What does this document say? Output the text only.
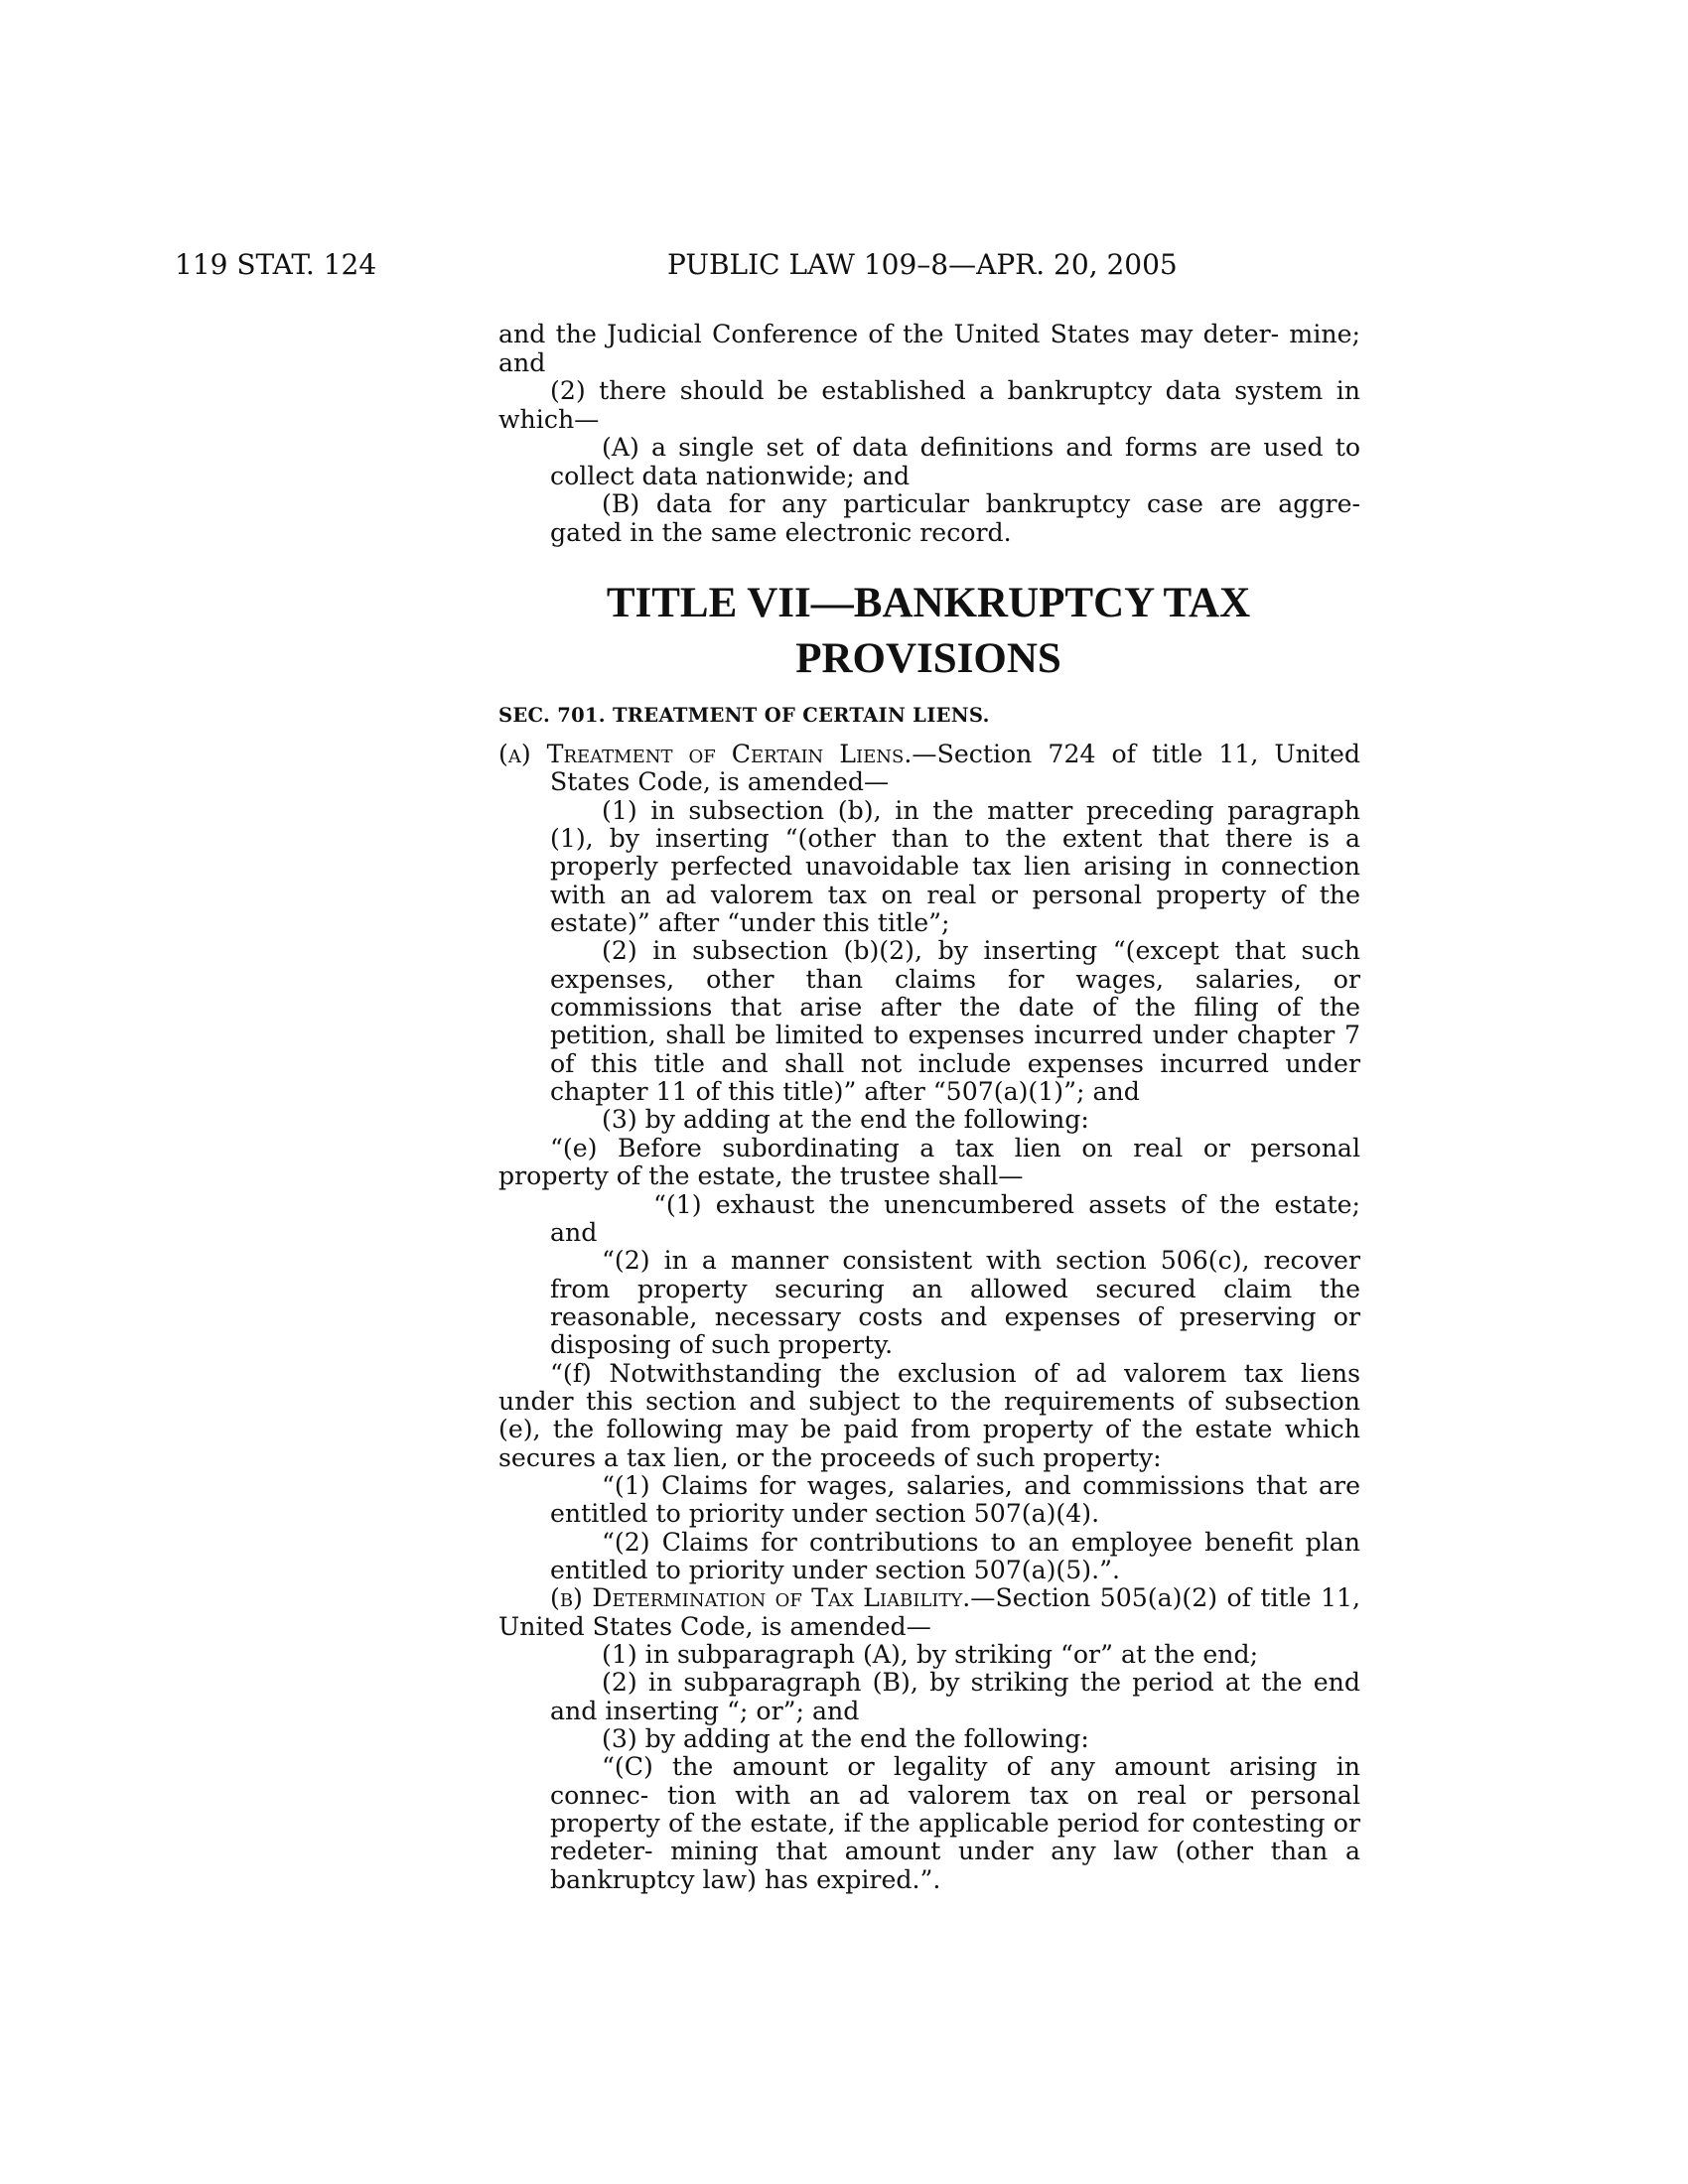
119 STAT. 124	PUBLIC LAW 109–8—APR. 20, 2005

and the Judicial Conference of the United States may deter- mine; and

(2) there should be established a bankruptcy data system in which—

(A) a single set of data definitions and forms are used to collect data nationwide; and

(B) data for any particular bankruptcy case are aggre- gated in the same electronic record.

TITLE VII—BANKRUPTCY TAX
PROVISIONS
SEC. 701. TREATMENT OF CERTAIN LIENS.

(a) Treatment of Certain Liens.—Section 724 of title 11, United States Code, is amended—

(1) in subsection (b), in the matter preceding paragraph (1), by inserting “(other than to the extent that there is a properly perfected unavoidable tax lien arising in connection with an ad valorem tax on real or personal property of the estate)” after “under this title”;

(2) in subsection (b)(2), by inserting “(except that such expenses, other than claims for wages, salaries, or commissions that arise after the date of the filing of the petition, shall be limited to expenses incurred under chapter 7 of this title and shall not include expenses incurred under chapter 11 of this title)” after “507(a)(1)”; and

(3) by adding at the end the following:

“(e) Before subordinating a tax lien on real or personal property of the estate, the trustee shall—

“(1) exhaust the unencumbered assets of the estate; and

“(2) in a manner consistent with section 506(c), recover from property securing an allowed secured claim the reasonable, necessary costs and expenses of preserving or disposing of such property.

“(f) Notwithstanding the exclusion of ad valorem tax liens under this section and subject to the requirements of subsection (e), the following may be paid from property of the estate which secures a tax lien, or the proceeds of such property:

“(1) Claims for wages, salaries, and commissions that are entitled to priority under section 507(a)(4).

“(2) Claims for contributions to an employee benefit plan entitled to priority under section 507(a)(5).”.

(b) Determination of Tax Liability.—Section 505(a)(2) of title 11, United States Code, is amended—

(1) in subparagraph (A), by striking “or” at the end;

(2) in subparagraph (B), by striking the period at the end and inserting “; or”; and

(3) by adding at the end the following:

“(C) the amount or legality of any amount arising in connec- tion with an ad valorem tax on real or personal property of the estate, if the applicable period for contesting or redeter- mining that amount under any law (other than a bankruptcy law) has expired.”.
